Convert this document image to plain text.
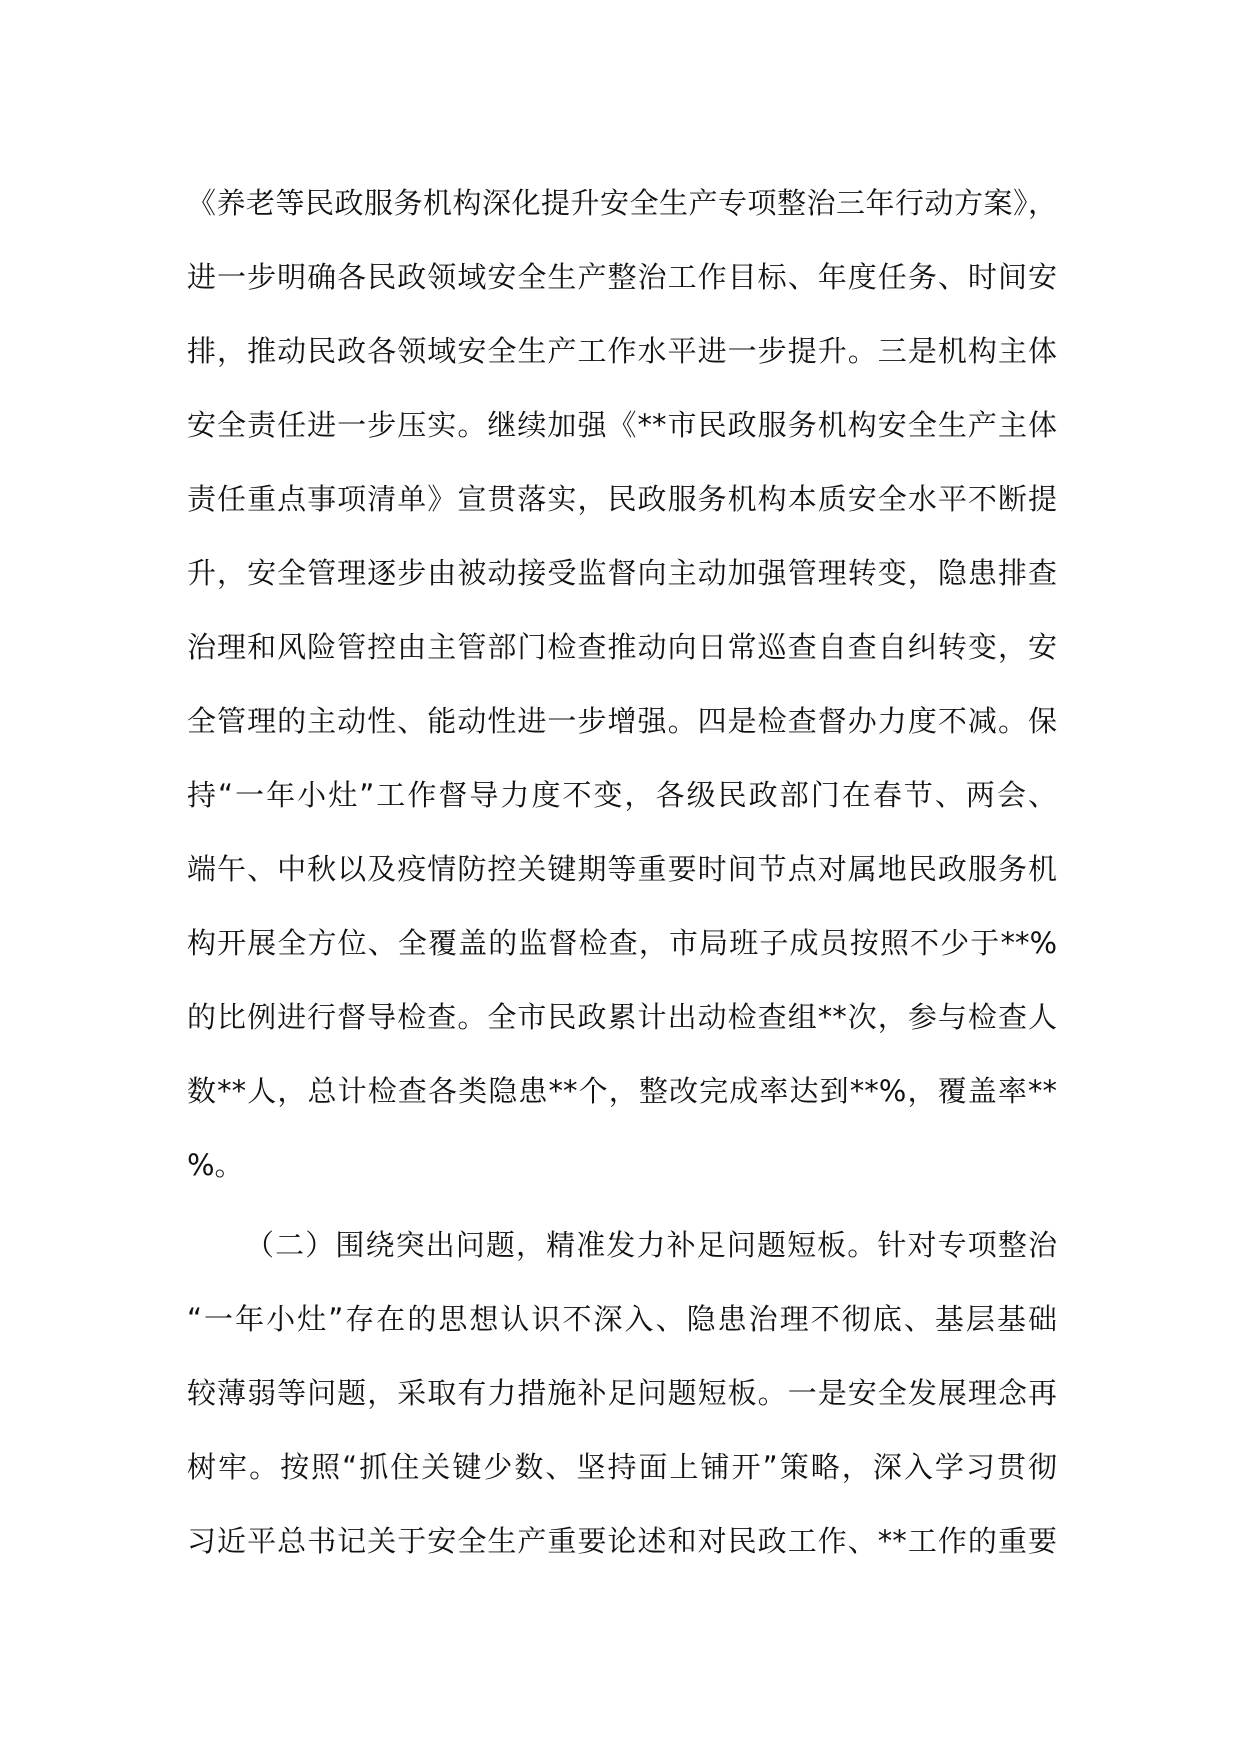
《养老等民政服务机构深化提升安全生产专项整治三年行动方案》，
进一步明确各民政领域安全生产整治工作目标、年度任务、时间安
排，推动民政各领域安全生产工作水平进一步提升。三是机构主体
安全责任进一步压实。继续加强《**市民政服务机构安全生产主体
责任重点事项清单》宣贯落实，民政服务机构本质安全水平不断提
升，安全管理逐步由被动接受监督向主动加强管理转变，隐患排查
治理和风险管控由主管部门检查推动向日常巡查自查自纠转变，安
全管理的主动性、能动性进一步增强。四是检查督办力度不减。保
持“一年小灶”工作督导力度不变，各级民政部门在春节、两会、
端午、中秋以及疫情防控关键期等重要时间节点对属地民政服务机
构开展全方位、全覆盖的监督检查，市局班子成员按照不少于**%
的比例进行督导检查。全市民政累计出动检查组**次，参与检查人
数**人，总计检查各类隐患**个，整改完成率达到**%，覆盖率**
%。
（二）围绕突出问题，精准发力补足问题短板。针对专项整治
“一年小灶”存在的思想认识不深入、隐患治理不彻底、基层基础
较薄弱等问题，采取有力措施补足问题短板。一是安全发展理念再
树牢。按照“抓住关键少数、坚持面上铺开”策略，深入学习贯彻
习近平总书记关于安全生产重要论述和对民政工作、**工作的重要
